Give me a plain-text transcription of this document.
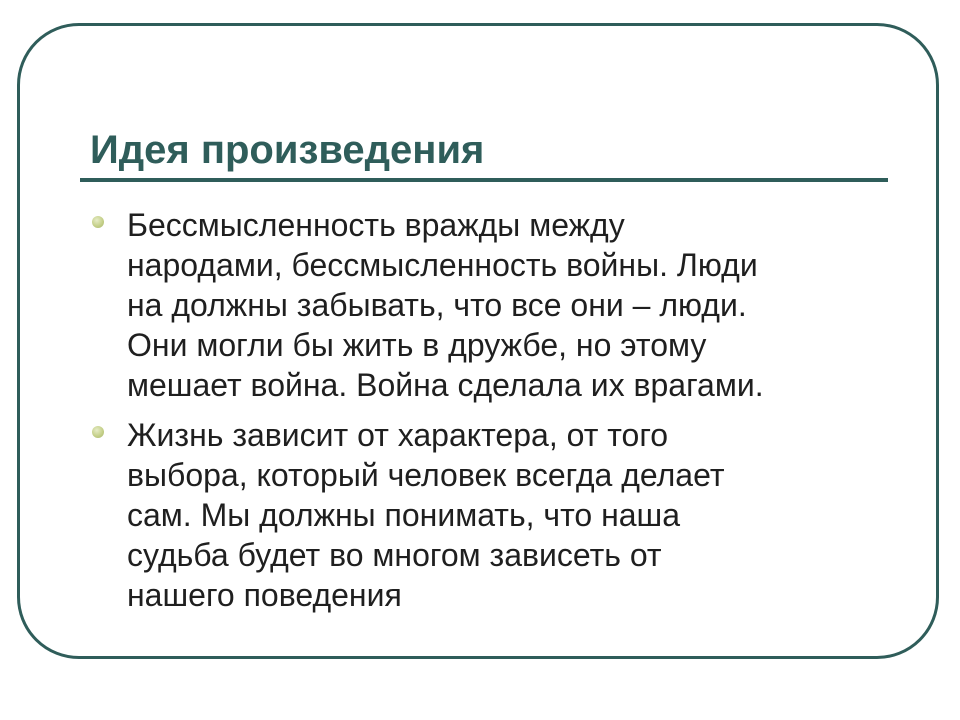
Идея произведения
Бессмысленность вражды между
народами, бессмысленность войны. Люди
на должны забывать, что все они – люди.
Они могли бы жить в дружбе, но этому
мешает война. Война сделала их врагами.
Жизнь зависит от характера, от того
выбора, который человек всегда делает
сам. Мы должны понимать, что наша
судьба будет во многом зависеть от
нашего поведения
